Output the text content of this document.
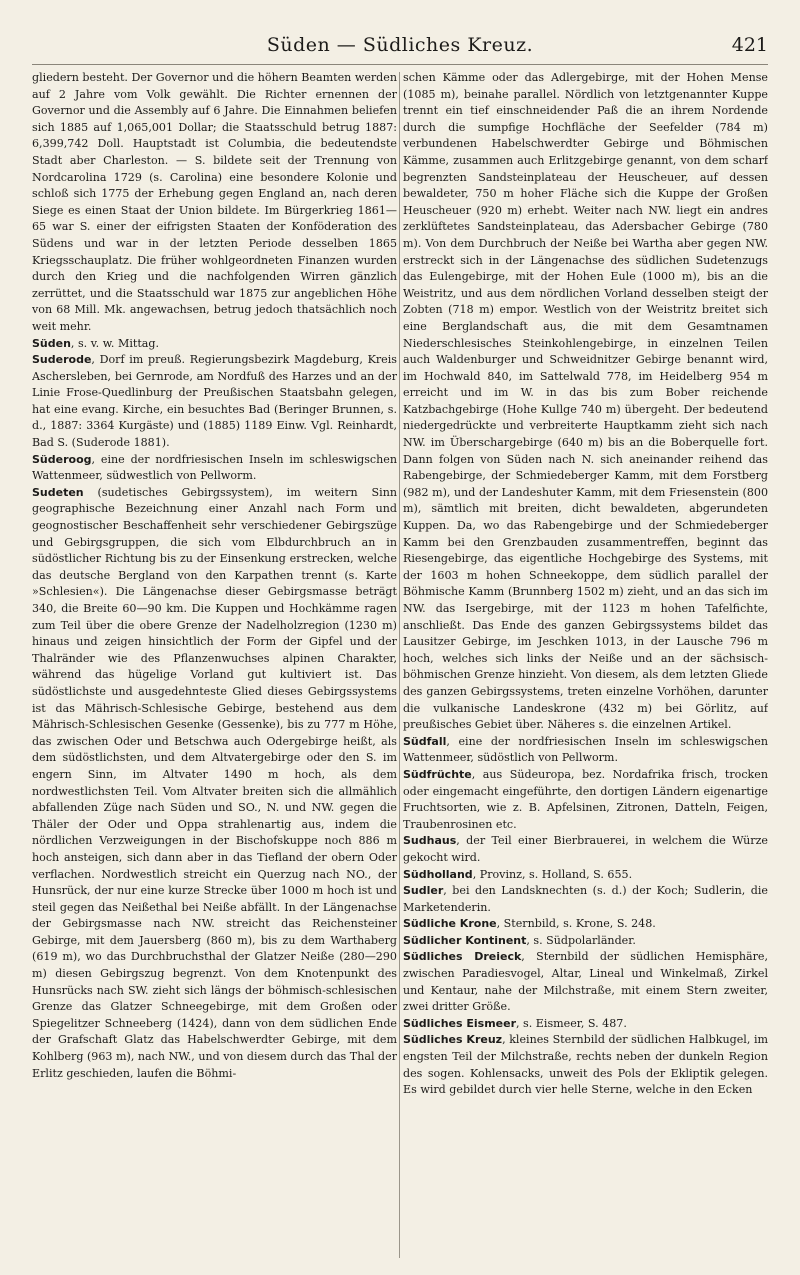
Süden — Südliches Kreuz.	421

gliedern besteht. Der Governor und die höhern Beamten werden auf 2 Jahre vom Volk gewählt. Die Richter ernennen der Governor und die Assembly auf 6 Jahre. Die Einnahmen beliefen sich 1885 auf 1,065,001 Dollar; die Staatsschuld betrug 1887: 6,399,742 Doll. Hauptstadt ist Columbia, die bedeutendste Stadt aber Charleston. — S. bildete seit der Trennung von Nordcarolina 1729 (s. Carolina) eine besondere Kolonie und schloß sich 1775 der Erhebung gegen England an, nach deren Siege es einen Staat der Union bildete. Im Bürgerkrieg 1861—65 war S. einer der eifrigsten Staaten der Konföderation des Südens und war in der letzten Periode desselben 1865 Kriegsschauplatz. Die früher wohlgeordneten Finanzen wurden durch den Krieg und die nachfolgenden Wirren gänzlich zerrüttet, und die Staatsschuld war 1875 zur angeblichen Höhe von 68 Mill. Mk. angewachsen, betrug jedoch thatsächlich noch weit mehr.

Süden, s. v. w. Mittag.

Suderode, Dorf im preuß. Regierungsbezirk Magdeburg, Kreis Aschersleben, bei Gernrode, am Nordfuß des Harzes und an der Linie Frose-Quedlinburg der Preußischen Staatsbahn gelegen, hat eine evang. Kirche, ein besuchtes Bad (Beringer Brunnen, s. d., 1887: 3364 Kurgäste) und (1885) 1189 Einw. Vgl. Reinhardt, Bad S. (Suderode 1881).

Süderoog, eine der nordfriesischen Inseln im schleswigschen Wattenmeer, südwestlich von Pellworm.

Sudeten (sudetisches Gebirgssystem), im weitern Sinn geographische Bezeichnung einer Anzahl nach Form und geognostischer Beschaffenheit sehr verschiedener Gebirgszüge und Gebirgsgruppen, die sich vom Elbdurchbruch an in südöstlicher Richtung bis zu der Einsenkung erstrecken, welche das deutsche Bergland von den Karpathen trennt (s. Karte »Schlesien«). Die Längenachse dieser Gebirgsmasse beträgt 340, die Breite 60—90 km. Die Kuppen und Hochkämme ragen zum Teil über die obere Grenze der Nadelholzregion (1230 m) hinaus und zeigen hinsichtlich der Form der Gipfel und der Thalränder wie des Pflanzenwuchses alpinen Charakter, während das hügelige Vorland gut kultiviert ist. Das südöstlichste und ausgedehnteste Glied dieses Gebirgssystems ist das Mährisch-Schlesische Gebirge, bestehend aus dem Mährisch-Schlesischen Gesenke (Gessenke), bis zu 777 m Höhe, das zwischen Oder und Betschwa auch Odergebirge heißt, als dem südöstlichsten, und dem Altvatergebirge oder den S. im engern Sinn, im Altvater 1490 m hoch, als dem nordwestlichsten Teil. Vom Altvater breiten sich die allmählich abfallenden Züge nach Süden und SO., N. und NW. gegen die Thäler der Oder und Oppa strahlenartig aus, indem die nördlichen Verzweigungen in der Bischofskuppe noch 886 m hoch ansteigen, sich dann aber in das Tiefland der obern Oder verflachen. Nordwestlich streicht ein Querzug nach NO., der Hunsrück, der nur eine kurze Strecke über 1000 m hoch ist und steil gegen das Neißethal bei Neiße abfällt. In der Längenachse der Gebirgsmasse nach NW. streicht das Reichensteiner Gebirge, mit dem Jauersberg (860 m), bis zu dem Warthaberg (619 m), wo das Durchbruchsthal der Glatzer Neiße (280—290 m) diesen Gebirgszug begrenzt. Von dem Knotenpunkt des Hunsrücks nach SW. zieht sich längs der böhmisch-schlesischen Grenze das Glatzer Schneegebirge, mit dem Großen oder Spiegelitzer Schneeberg (1424), dann von dem südlichen Ende der Grafschaft Glatz das Habelschwerdter Gebirge, mit dem Kohlberg (963 m), nach NW., und von diesem durch das Thal der Erlitz geschieden, laufen die Böhmi-

schen Kämme oder das Adlergebirge, mit der Hohen Mense (1085 m), beinahe parallel. Nördlich von letztgenannter Kuppe trennt ein tief einschneidender Paß die an ihrem Nordende durch die sumpfige Hochfläche der Seefelder (784 m) verbundenen Habelschwerdter Gebirge und Böhmischen Kämme, zusammen auch Erlitzgebirge genannt, von dem scharf begrenzten Sandsteinplateau der Heuscheuer, auf dessen bewaldeter, 750 m hoher Fläche sich die Kuppe der Großen Heuscheuer (920 m) erhebt. Weiter nach NW. liegt ein andres zerklüftetes Sandsteinplateau, das Adersbacher Gebirge (780 m). Von dem Durchbruch der Neiße bei Wartha aber gegen NW. erstreckt sich in der Längenachse des südlichen Sudetenzugs das Eulengebirge, mit der Hohen Eule (1000 m), bis an die Weistritz, und aus dem nördlichen Vorland desselben steigt der Zobten (718 m) empor. Westlich von der Weistritz breitet sich eine Berglandschaft aus, die mit dem Gesamtnamen Niederschlesisches Steinkohlengebirge, in einzelnen Teilen auch Waldenburger und Schweidnitzer Gebirge benannt wird, im Hochwald 840, im Sattelwald 778, im Heidelberg 954 m erreicht und im W. in das bis zum Bober reichende Katzbachgebirge (Hohe Kullge 740 m) übergeht. Der bedeutend niedergedrückte und verbreiterte Hauptkamm zieht sich nach NW. im Überschargebirge (640 m) bis an die Boberquelle fort. Dann folgen von Süden nach N. sich aneinander reihend das Rabengebirge, der Schmiedeberger Kamm, mit dem Forstberg (982 m), und der Landeshuter Kamm, mit dem Friesenstein (800 m), sämtlich mit breiten, dicht bewaldeten, abgerundeten Kuppen. Da, wo das Rabengebirge und der Schmiedeberger Kamm bei den Grenzbauden zusammentreffen, beginnt das Riesengebirge, das eigentliche Hochgebirge des Systems, mit der 1603 m hohen Schneekoppe, dem südlich parallel der Böhmische Kamm (Brunnberg 1502 m) zieht, und an das sich im NW. das Isergebirge, mit der 1123 m hohen Tafelfichte, anschließt. Das Ende des ganzen Gebirgssystems bildet das Lausitzer Gebirge, im Jeschken 1013, in der Lausche 796 m hoch, welches sich links der Neiße und an der sächsisch-böhmischen Grenze hinzieht. Von diesem, als dem letzten Gliede des ganzen Gebirgssystems, treten einzelne Vorhöhen, darunter die vulkanische Landeskrone (432 m) bei Görlitz, auf preußisches Gebiet über. Näheres s. die einzelnen Artikel.

Südfall, eine der nordfriesischen Inseln im schleswigschen Wattenmeer, südöstlich von Pellworm.

Südfrüchte, aus Südeuropa, bez. Nordafrika frisch, trocken oder eingemacht eingeführte, den dortigen Ländern eigenartige Fruchtsorten, wie z. B. Apfelsinen, Zitronen, Datteln, Feigen, Traubenrosinen etc.

Sudhaus, der Teil einer Bierbrauerei, in welchem die Würze gekocht wird.

Südholland, Provinz, s. Holland, S. 655.

Sudler, bei den Landsknechten (s. d.) der Koch; Sudlerin, die Marketenderin.

Südliche Krone, Sternbild, s. Krone, S. 248.

Südlicher Kontinent, s. Südpolarländer.

Südliches Dreieck, Sternbild der südlichen Hemisphäre, zwischen Paradiesvogel, Altar, Lineal und Winkelmaß, Zirkel und Kentaur, nahe der Milchstraße, mit einem Stern zweiter, zwei dritter Größe.

Südliches Eismeer, s. Eismeer, S. 487.

Südliches Kreuz, kleines Sternbild der südlichen Halbkugel, im engsten Teil der Milchstraße, rechts neben der dunkeln Region des sogen. Kohlensacks, unweit des Pols der Ekliptik gelegen. Es wird gebildet durch vier helle Sterne, welche in den Ecken
